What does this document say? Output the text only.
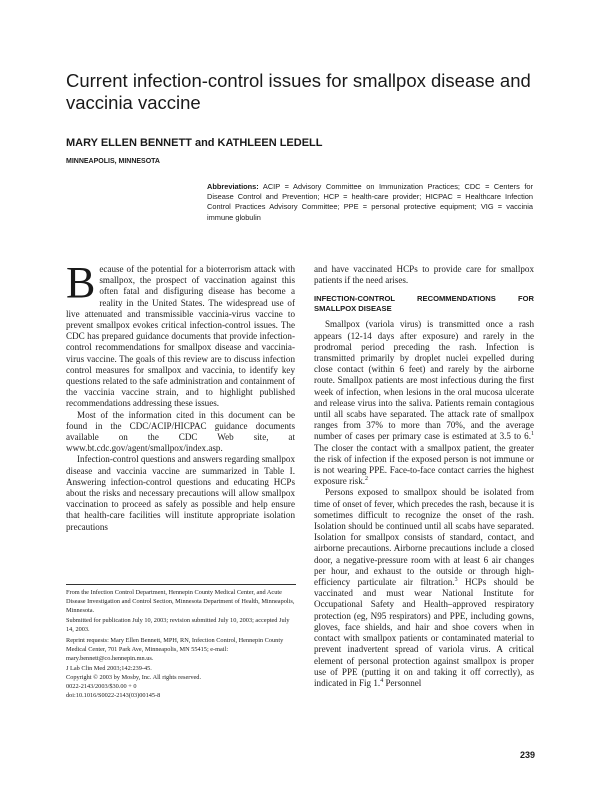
Current infection-control issues for smallpox disease and vaccinia vaccine
MARY ELLEN BENNETT and KATHLEEN LEDELL
MINNEAPOLIS, MINNESOTA
Abbreviations: ACIP = Advisory Committee on Immunization Practices; CDC = Centers for Disease Control and Prevention; HCP = health-care provider; HICPAC = Healthcare Infection Control Practices Advisory Committee; PPE = personal protective equipment; VIG = vaccinia immune globulin

Because of the potential for a bioterrorism attack with smallpox, the prospect of vaccination against this often fatal and disfiguring disease has become a reality in the United States. The widespread use of live attenuated and transmissible vaccinia-virus vaccine to prevent smallpox evokes critical infection-control issues. The CDC has prepared guidance documents that provide infection-control recommendations for smallpox disease and vaccinia-virus vaccine. The goals of this review are to discuss infection control measures for smallpox and vaccinia, to identify key questions related to the safe administration and containment of the vaccinia vaccine strain, and to highlight published recommendations addressing these issues.

Most of the information cited in this document can be found in the CDC/ACIP/HICPAC guidance documents available on the CDC Web site, at www.bt.cdc.gov/agent/smallpox/index.asp.

Infection-control questions and answers regarding smallpox disease and vaccinia vaccine are summarized in Table I. Answering infection-control questions and educating HCPs about the risks and necessary precautions will allow smallpox vaccination to proceed as safely as possible and help ensure that health-care facilities will institute appropriate isolation precautions

and have vaccinated HCPs to provide care for smallpox patients if the need arises.

INFECTION-CONTROL RECOMMENDATIONS FOR SMALLPOX DISEASE

Smallpox (variola virus) is transmitted once a rash appears (12-14 days after exposure) and rarely in the prodromal period preceding the rash. Infection is transmitted primarily by droplet nuclei expelled during close contact (within 6 feet) and rarely by the airborne route. Smallpox patients are most infectious during the first week of infection, when lesions in the oral mucosa ulcerate and release virus into the saliva. Patients remain contagious until all scabs have separated. The attack rate of smallpox ranges from 37% to more than 70%, and the average number of cases per primary case is estimated at 3.5 to 6.$^1$ The closer the contact with a smallpox patient, the greater the risk of infection if the exposed person is not immune or is not wearing PPE. Face-to-face contact carries the highest exposure risk.$^2$

Persons exposed to smallpox should be isolated from time of onset of fever, which precedes the rash, because it is sometimes difficult to recognize the onset of the rash. Isolation should be continued until all scabs have separated. Isolation for smallpox consists of standard, contact, and airborne precautions. Airborne precautions include a closed door, a negative-pressure room with at least 6 air changes per hour, and exhaust to the outside or through high-efficiency particulate air filtration.$^3$ HCPs should be vaccinated and must wear National Institute for Occupational Safety and Health–approved respiratory protection (eg, N95 respirators) and PPE, including gowns, gloves, face shields, and hair and shoe covers when in contact with smallpox patients or contaminated material to prevent inadvertent spread of variola virus. A critical element of personal protection against smallpox is proper use of PPE (putting it on and taking it off correctly), as indicated in Fig 1.$^4$ Personnel

From the Infection Control Department, Hennepin County Medical Center, and Acute Disease Investigation and Control Section, Minnesota Department of Health, Minneapolis, Minnesota.

Submitted for publication July 10, 2003; revision submitted July 10, 2003; accepted July 14, 2003.

Reprint requests: Mary Ellen Bennett, MPH, RN, Infection Control, Hennepin County Medical Center, 701 Park Ave, Minneapolis, MN 55415; e-mail: mary.bennett@co.hennepin.mn.us.

J Lab Clin Med 2003;142:239-45.

Copyright © 2003 by Mosby, Inc. All rights reserved.

0022-2143/2003/$30.00 + 0

doi:10.1016/S0022-2143(03)00145-8

239
